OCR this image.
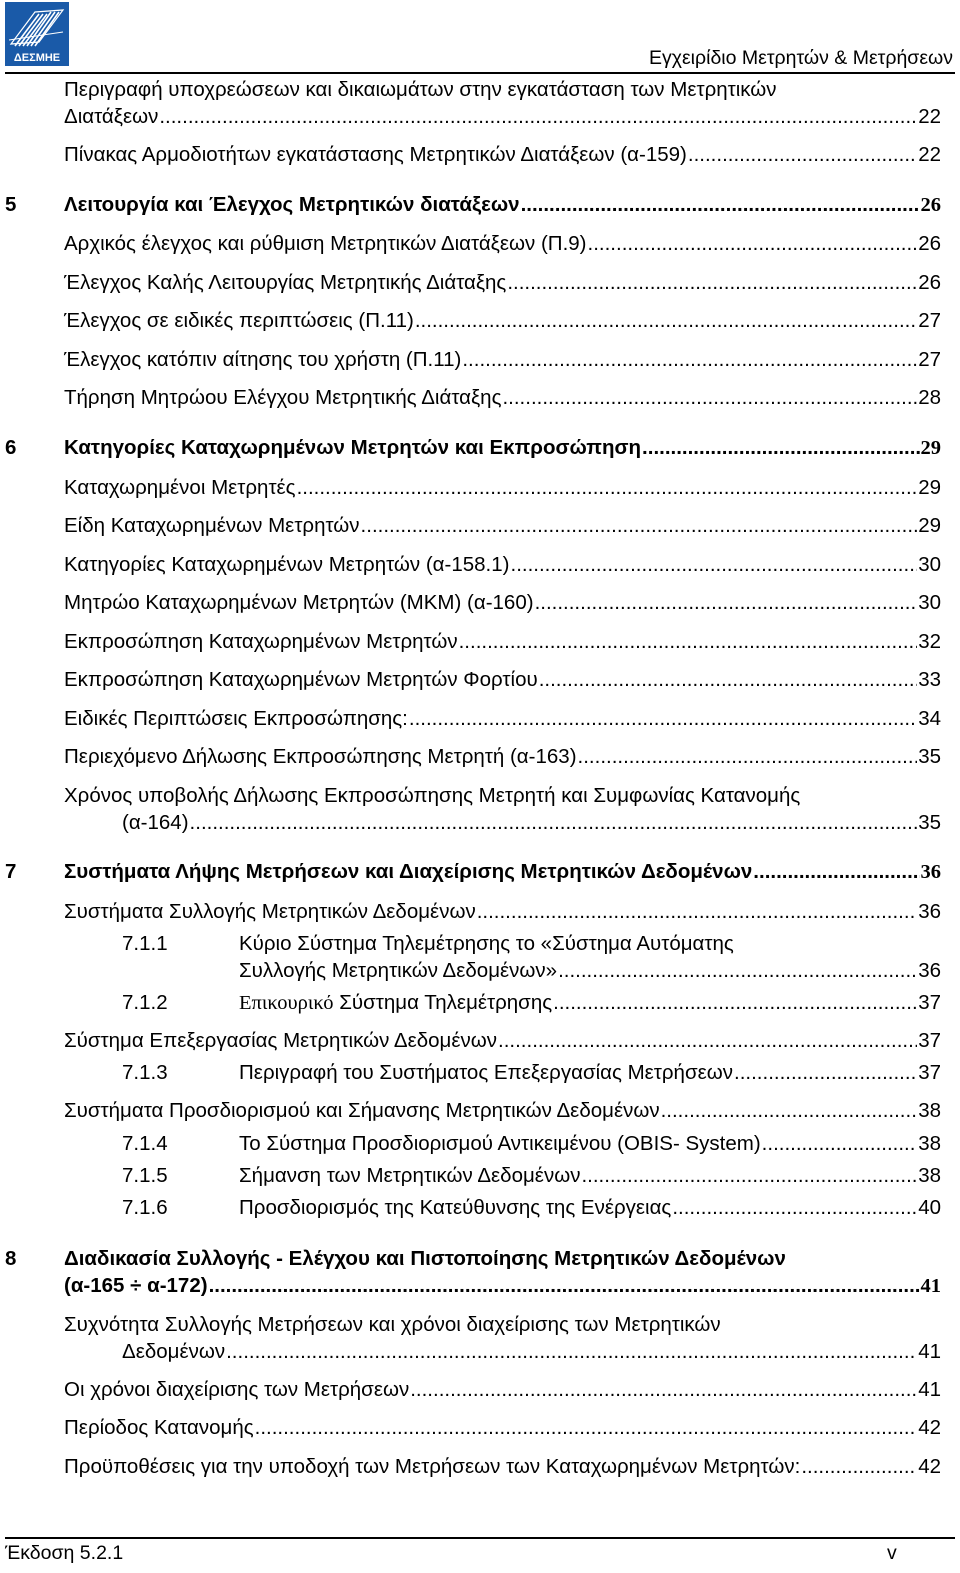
ΔΕΣΜΗΕ	Εγχειρίδιο Μετρητών & Μετρήσεων
Περιγραφή υποχρεώσεων και δικαιωμάτων στην εγκατάσταση των Μετρητικών
Διατάξεων .....	22
Πίνακας Αρμοδιοτήτων εγκατάστασης Μετρητικών Διατάξεων (α-159) .....	22
5 Λειτουργία και Έλεγχος Μετρητικών διατάξεων .....	26
Αρχικός έλεγχος και ρύθμιση Μετρητικών Διατάξεων (Π.9) .....	26
Έλεγχος Καλής Λειτουργίας Μετρητικής Διάταξης .....	26
Έλεγχος σε ειδικές περιπτώσεις (Π.11) .....	27
Έλεγχος κατόπιν αίτησης του χρήστη (Π.11) .....	27
Τήρηση Μητρώου Ελέγχου Μετρητικής Διάταξης .....	28
6 Κατηγορίες Καταχωρημένων Μετρητών και Εκπροσώπηση .....	29
Καταχωρημένοι Μετρητές .....	29
Είδη Καταχωρημένων Μετρητών .....	29
Κατηγορίες Καταχωρημένων Μετρητών (α-158.1) .....	30
Μητρώο Καταχωρημένων Μετρητών (ΜΚΜ) (α-160) .....	30
Εκπροσώπηση Καταχωρημένων Μετρητών .....	32
Εκπροσώπηση Καταχωρημένων Μετρητών Φορτίου .....	33
Ειδικές Περιπτώσεις Εκπροσώπησης: .....	34
Περιεχόμενο Δήλωσης Εκπροσώπησης Μετρητή (α-163) .....	35
Χρόνος υποβολής Δήλωσης Εκπροσώπησης Μετρητή και Συμφωνίας Κατανομής
(α-164) .....	35
7 Συστήματα Λήψης Μετρήσεων και Διαχείρισης Μετρητικών Δεδομένων .....	36
Συστήματα Συλλογής Μετρητικών Δεδομένων .....	36
7.1.1	Κύριο Σύστημα Τηλεμέτρησης το «Σύστημα Αυτόματης
Συλλογής Μετρητικών Δεδομένων» .....	36
7.1.2	Επικουρικό Σύστημα Τηλεμέτρησης .....	37
Σύστημα Επεξεργασίας Μετρητικών Δεδομένων .....	37
7.1.3	Περιγραφή του Συστήματος Επεξεργασίας Μετρήσεων .....	37
Συστήματα Προσδιορισμού και Σήμανσης Μετρητικών Δεδομένων .....	38
7.1.4	Το Σύστημα Προσδιορισμού Αντικειμένου (OBIS- System) .....	38
7.1.5	Σήμανση των Μετρητικών Δεδομένων .....	38
7.1.6	Προσδιορισμός της Κατεύθυνσης της Ενέργειας .....	40
8 Διαδικασία Συλλογής - Ελέγχου και Πιστοποίησης Μετρητικών Δεδομένων
(α-165 ÷ α-172) .....	41
Συχνότητα Συλλογής Μετρήσεων και χρόνοι διαχείρισης των Μετρητικών
Δεδομένων .....	41
Οι χρόνοι διαχείρισης των Μετρήσεων .....	41
Περίοδος Κατανομής .....	42
Προϋποθέσεις για την υποδοχή των Μετρήσεων των Καταχωρημένων Μετρητών: .....	42
Έκδοση 5.2.1	v
